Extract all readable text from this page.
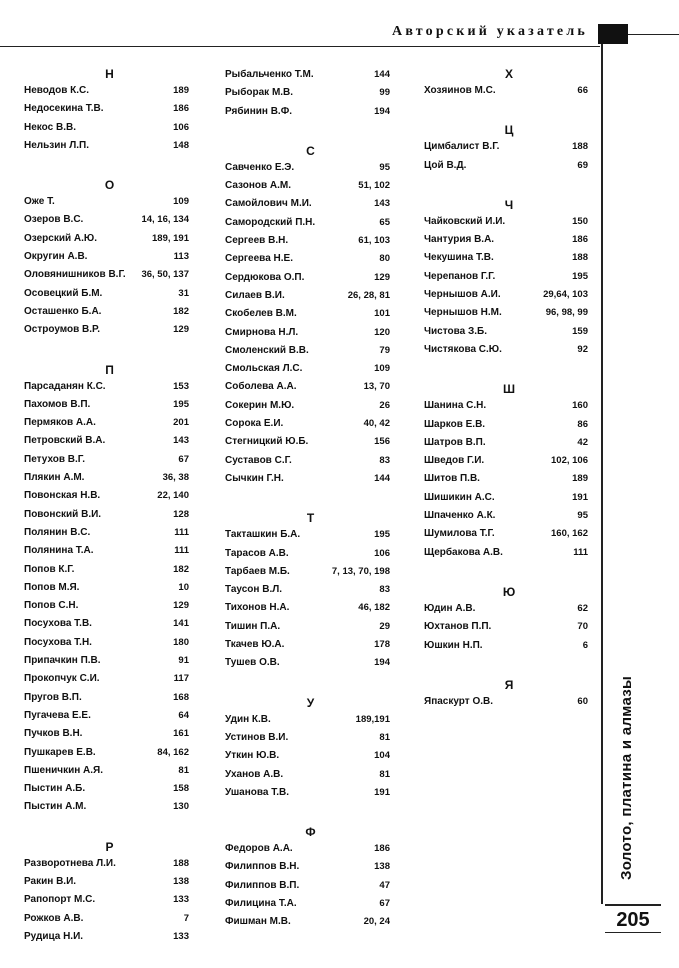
Авторский указатель
Золото, платина и алмазы
205
Н
Неводов К.С.	189
Недосекина Т.В.	186
Некос В.В.	106
Нельзин Л.П.	148
О
Оже Т.	109
Озеров В.С.	14, 16, 134
Озерский А.Ю.	189, 191
Округин А.В.	113
Оловянишников В.Г. 36, 50, 137
Осовецкий Б.М.	31
Осташенко Б.А.	182
Остроумов В.Р.	129
П
Парсаданян К.С.	153
Пахомов В.П.	195
Пермяков А.А.	201
Петровский В.А.	143
Петухов В.Г.	67
Плякин А.М.	36, 38
Повонская Н.В.	22, 140
Повонский В.И.	128
Полянин В.С.	111
Полянина Т.А.	111
Попов К.Г.	182
Попов М.Я.	10
Попов С.Н.	129
Посухова Т.В.	141
Посухова Т.Н.	180
Припачкин П.В.	91
Прокопчук С.И.	117
Пругов В.П.	168
Пугачева Е.Е.	64
Пучков В.Н.	161
Пушкарев Е.В.	84, 162
Пшеничкин А.Я.	81
Пыстин А.Б.	158
Пыстин А.М.	130
Р
Разворотнева Л.И.	188
Ракин В.И.	138
Рапопорт М.С.	133
Рожков А.В.	7
Рудица Н.И.	133
Рыбальченко Т.М.	144
Рыборак М.В.	99
Рябинин В.Ф.	194
С
Савченко Е.Э.	95
Сазонов А.М.	51, 102
Самойлович М.И.	143
Самородский П.Н.	65
Сергеев В.Н.	61, 103
Сергеева Н.Е.	80
Сердюкова О.П.	129
Силаев В.И.	26, 28, 81
Скобелев В.М.	101
Смирнова Н.Л.	120
Смоленский В.В.	79
Смольская Л.С.	109
Соболева А.А.	13, 70
Сокерин М.Ю.	26
Сорока Е.И.	40, 42
Стегницкий Ю.Б.	156
Суставов С.Г.	83
Сычкин Г.Н.	144
Т
Такташкин Б.А.	195
Тарасов А.В.	106
Тарбаев М.Б.	7, 13, 70, 198
Таусон В.Л.	83
Тихонов Н.А.	46, 182
Тишин П.А.	29
Ткачев Ю.А.	178
Тушев О.В.	194
У
Удин К.В.	189,191
Устинов В.И.	81
Уткин Ю.В.	104
Уханов А.В.	81
Ушанова Т.В.	191
Ф
Федоров А.А.	186
Филиппов В.Н.	138
Филиппов В.П.	47
Филицина Т.А.	67
Фишман М.В.	20, 24
Х
Хозяинов М.С.	66
Ц
Цимбалист В.Г.	188
Цой В.Д.	69
Ч
Чайковский И.И.	150
Чантурия В.А.	186
Чекушина Т.В.	188
Черепанов Г.Г.	195
Чернышов А.И.	29,64, 103
Чернышов Н.М.	96, 98, 99
Чистова З.Б.	159
Чистякова С.Ю.	92
Ш
Шанина С.Н.	160
Шарков Е.В.	86
Шатров В.П.	42
Шведов Г.И.	102, 106
Шитов П.В.	189
Шишикин А.С.	191
Шпаченко А.К.	95
Шумилова Т.Г.	160, 162
Щербакова А.В.	111
Ю
Юдин А.В.	62
Юхтанов П.П.	70
Юшкин Н.П.	6
Я
Япаскурт О.В.	60
